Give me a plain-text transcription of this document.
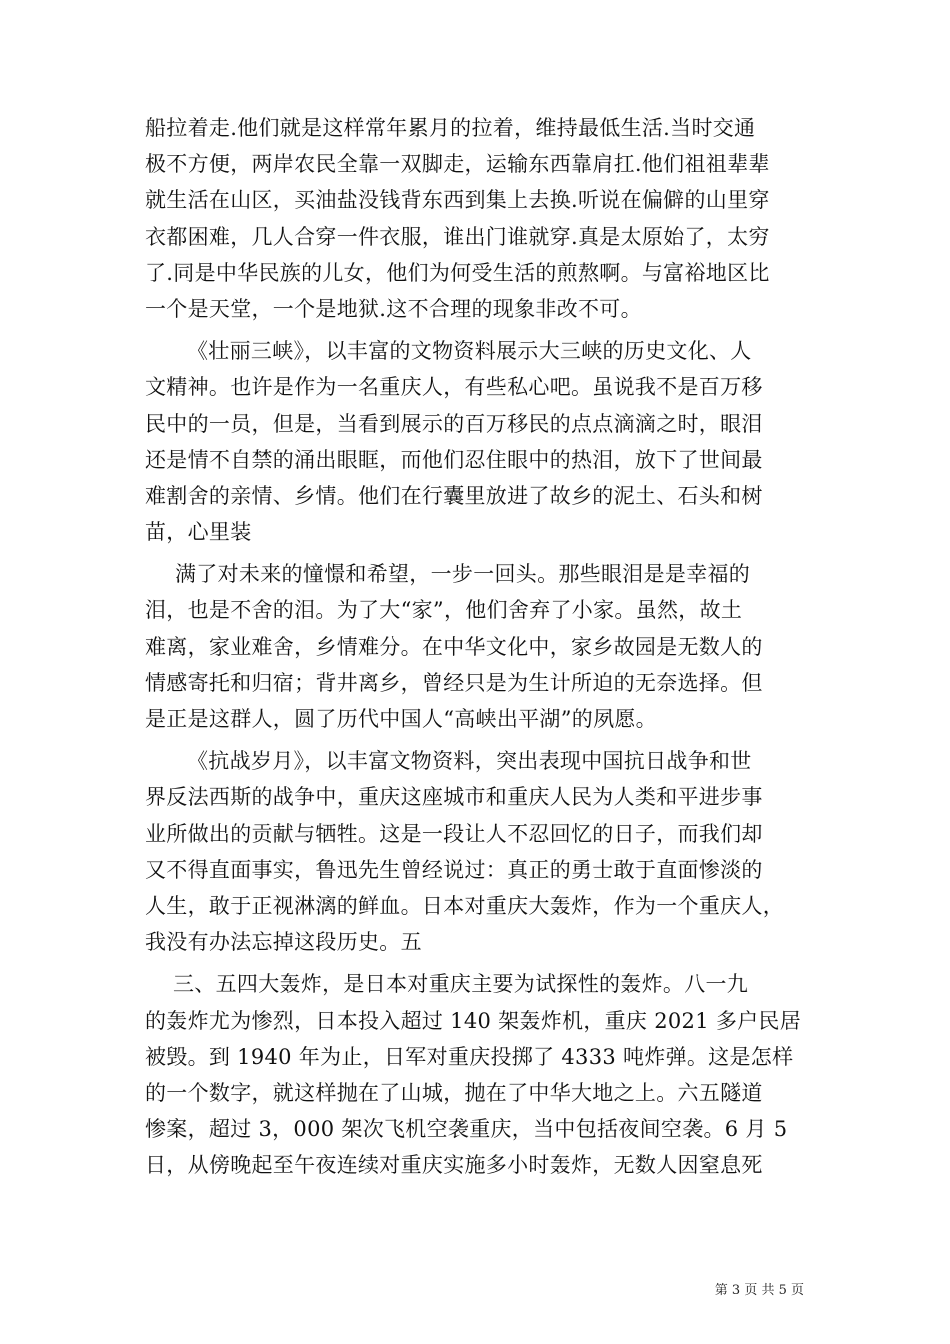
船拉着走.他们就是这样常年累月的拉着，维持最低生活.当时交通
极不方便，两岸农民全靠一双脚走，运输东西靠肩扛.他们祖祖辈辈
就生活在山区，买油盐没钱背东西到集上去换.听说在偏僻的山里穿
衣都困难，几人合穿一件衣服，谁出门谁就穿.真是太原始了，太穷
了.同是中华民族的儿女，他们为何受生活的煎熬啊。与富裕地区比
一个是天堂，一个是地狱.这不合理的现象非改不可。
《壮丽三峡》，以丰富的文物资料展示大三峡的历史文化、人
文精神。也许是作为一名重庆人，有些私心吧。虽说我不是百万移
民中的一员，但是，当看到展示的百万移民的点点滴滴之时，眼泪
还是情不自禁的涌出眼眶，而他们忍住眼中的热泪，放下了世间最
难割舍的亲情、乡情。他们在行囊里放进了故乡的泥土、石头和树
苗，心里装
满了对未来的憧憬和希望，一步一回头。那些眼泪是是幸福的
泪，也是不舍的泪。为了大“家”，他们舍弃了小家。虽然，故土
难离，家业难舍，乡情难分。在中华文化中，家乡故园是无数人的
情感寄托和归宿；背井离乡，曾经只是为生计所迫的无奈选择。但
是正是这群人，圆了历代中国人“高峡出平湖”的夙愿。
《抗战岁月》，以丰富文物资料，突出表现中国抗日战争和世
界反法西斯的战争中，重庆这座城市和重庆人民为人类和平进步事
业所做出的贡献与牺牲。这是一段让人不忍回忆的日子，而我们却
又不得直面事实，鲁迅先生曾经说过：真正的勇士敢于直面惨淡的
人生，敢于正视淋漓的鲜血。日本对重庆大轰炸，作为一个重庆人，
我没有办法忘掉这段历史。五
三、五四大轰炸，是日本对重庆主要为试探性的轰炸。八一九
的轰炸尤为惨烈，日本投入超过 140 架轰炸机，重庆 2021 多户民居
被毁。到 1940 年为止，日军对重庆投掷了 4333 吨炸弹。这是怎样
的一个数字，就这样抛在了山城，抛在了中华大地之上。六五隧道
惨案，超过 3，000 架次飞机空袭重庆，当中包括夜间空袭。6 月 5
日，从傍晚起至午夜连续对重庆实施多小时轰炸，无数人因窒息死
第 3 页 共 5 页
